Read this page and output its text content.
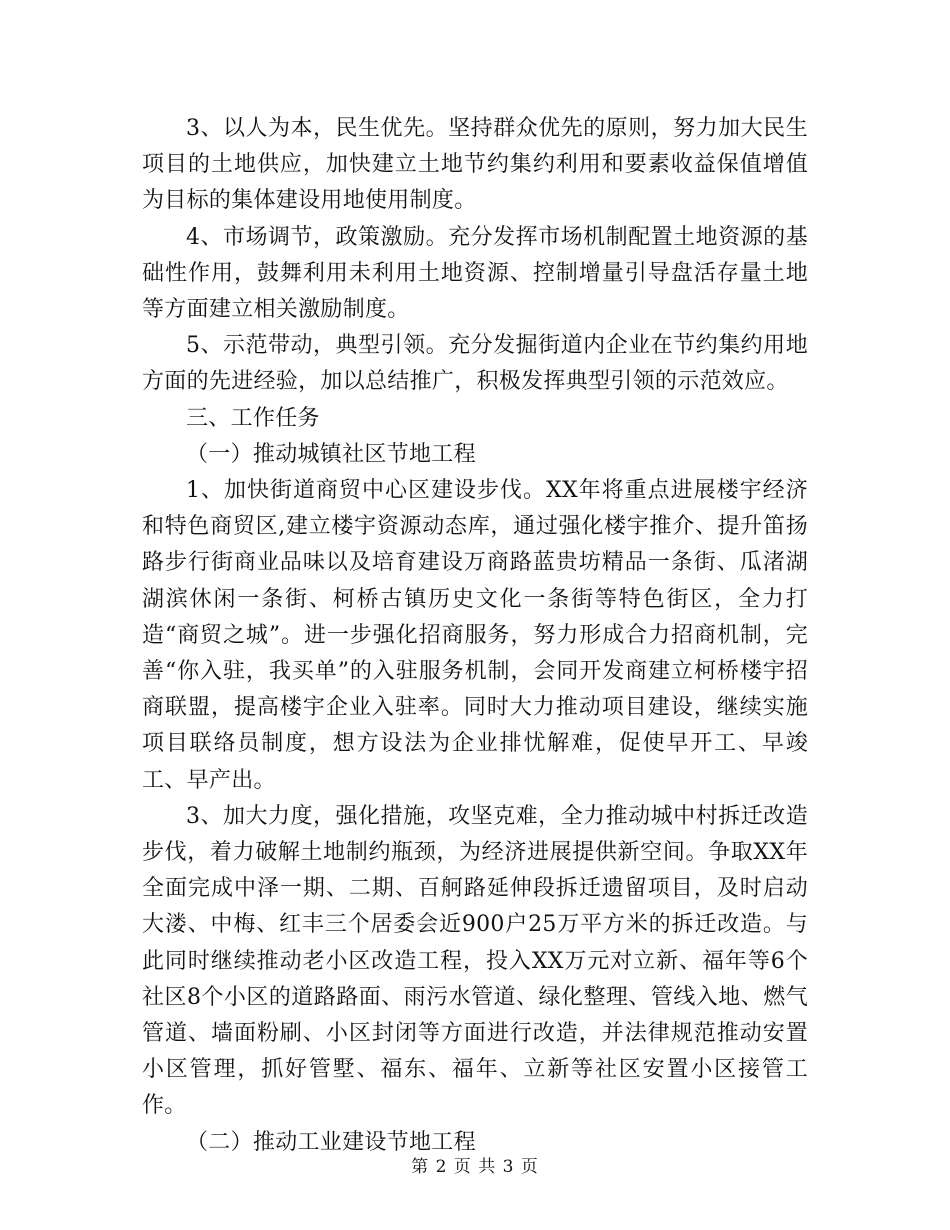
3、以人为本，民生优先。坚持群众优先的原则，努力加大民生项目的土地供应，加快建立土地节约集约利用和要素收益保值增值为目标的集体建设用地使用制度。

4、市场调节，政策激励。充分发挥市场机制配置土地资源的基础性作用，鼓舞利用未利用土地资源、控制增量引导盘活存量土地等方面建立相关激励制度。

5、示范带动，典型引领。充分发掘街道内企业在节约集约用地方面的先进经验，加以总结推广，积极发挥典型引领的示范效应。

三、工作任务

（一）推动城镇社区节地工程

1、加快街道商贸中心区建设步伐。XX年将重点进展楼宇经济和特色商贸区,建立楼宇资源动态库，通过强化楼宇推介、提升笛扬路步行街商业品味以及培育建设万商路蓝贵坊精品一条街、瓜渚湖湖滨休闲一条街、柯桥古镇历史文化一条街等特色街区，全力打造“商贸之城”。进一步强化招商服务，努力形成合力招商机制，完善“你入驻，我买单”的入驻服务机制，会同开发商建立柯桥楼宇招商联盟，提高楼宇企业入驻率。同时大力推动项目建设，继续实施项目联络员制度，想方设法为企业排忧解难，促使早开工、早竣工、早产出。

3、加大力度，强化措施，攻坚克难，全力推动城中村拆迁改造步伐，着力破解土地制约瓶颈，为经济进展提供新空间。争取XX年全面完成中泽一期、二期、百舸路延伸段拆迁遗留项目，及时启动大溇、中梅、红丰三个居委会近900户25万平方米的拆迁改造。与此同时继续推动老小区改造工程，投入XX万元对立新、福年等6个社区8个小区的道路路面、雨污水管道、绿化整理、管线入地、燃气管道、墙面粉刷、小区封闭等方面进行改造，并法律规范推动安置小区管理，抓好管墅、福东、福年、立新等社区安置小区接管工作。

（二）推动工业建设节地工程

第 2 页 共 3 页
